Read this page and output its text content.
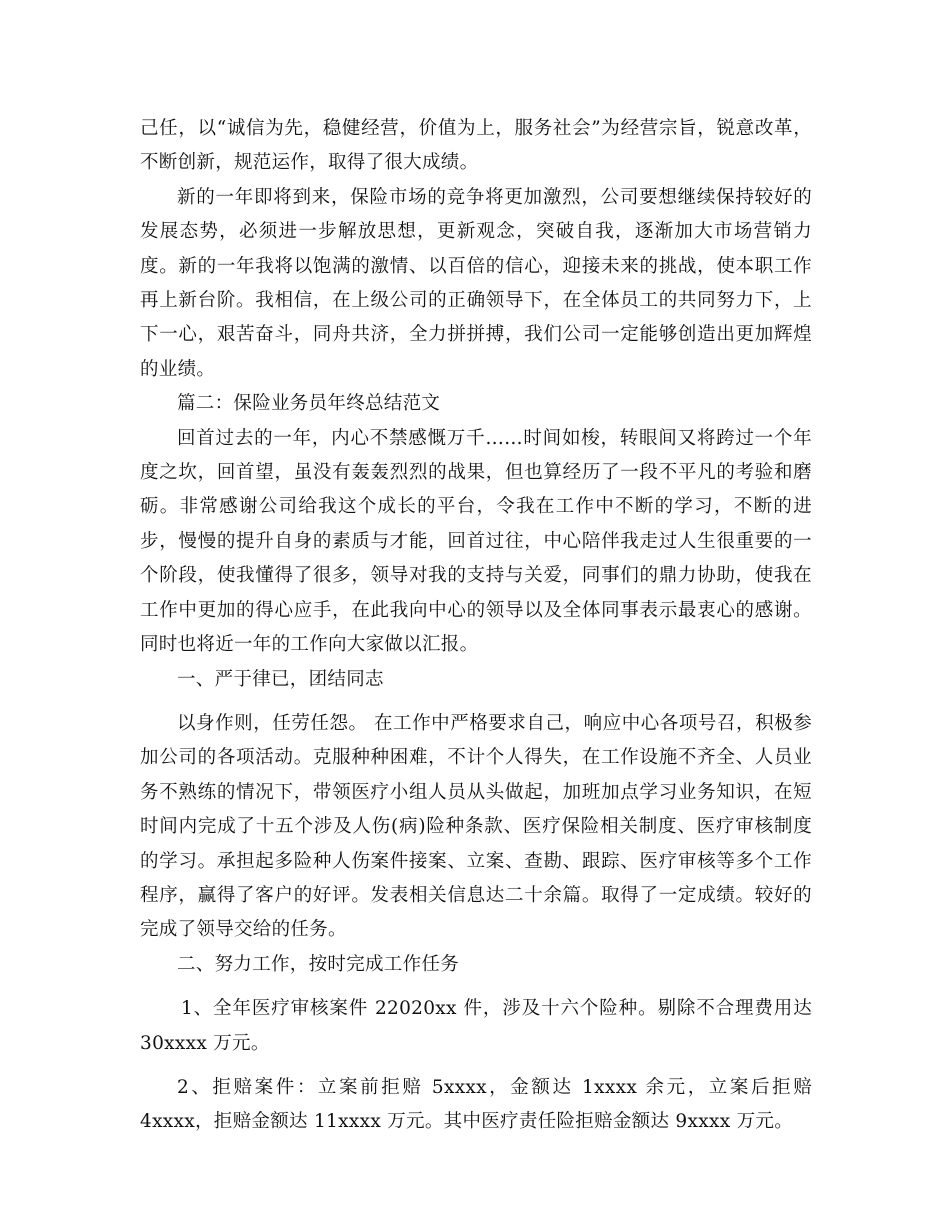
己任，以“诚信为先，稳健经营，价值为上，服务社会”为经营宗旨，锐意改革，不断创新，规范运作，取得了很大成绩。

新的一年即将到来，保险市场的竞争将更加激烈，公司要想继续保持较好的发展态势，必须进一步解放思想，更新观念，突破自我，逐渐加大市场营销力度。新的一年我将以饱满的激情、以百倍的信心，迎接未来的挑战，使本职工作再上新台阶。我相信，在上级公司的正确领导下，在全体员工的共同努力下，上下一心，艰苦奋斗，同舟共济，全力拼拼搏，我们公司一定能够创造出更加辉煌的业绩。

篇二：保险业务员年终总结范文

回首过去的一年，内心不禁感慨万千……时间如梭，转眼间又将跨过一个年度之坎，回首望，虽没有轰轰烈烈的战果，但也算经历了一段不平凡的考验和磨砺。非常感谢公司给我这个成长的平台，令我在工作中不断的学习，不断的进步，慢慢的提升自身的素质与才能，回首过往，中心陪伴我走过人生很重要的一个阶段，使我懂得了很多，领导对我的支持与关爱，同事们的鼎力协助，使我在工作中更加的得心应手，在此我向中心的领导以及全体同事表示最衷心的感谢。同时也将近一年的工作向大家做以汇报。

一、严于律已，团结同志

以身作则，任劳任怨。 在工作中严格要求自己，响应中心各项号召，积极参加公司的各项活动。克服种种困难，不计个人得失，在工作设施不齐全、人员业务不熟练的情况下，带领医疗小组人员从头做起，加班加点学习业务知识，在短时间内完成了十五个涉及人伤(病)险种条款、医疗保险相关制度、医疗审核制度的学习。承担起多险种人伤案件接案、立案、查勘、跟踪、医疗审核等多个工作程序，赢得了客户的好评。发表相关信息达二十余篇。取得了一定成绩。较好的完成了领导交给的任务。

二、努力工作，按时完成工作任务

1、全年医疗审核案件 22020xx 件，涉及十六个险种。剔除不合理费用达 30xxxx 万元。

2、拒赔案件：立案前拒赔 5xxxx，金额达 1xxxx 余元，立案后拒赔 4xxxx，拒赔金额达 11xxxx 万元。其中医疗责任险拒赔金额达 9xxxx 万元。
